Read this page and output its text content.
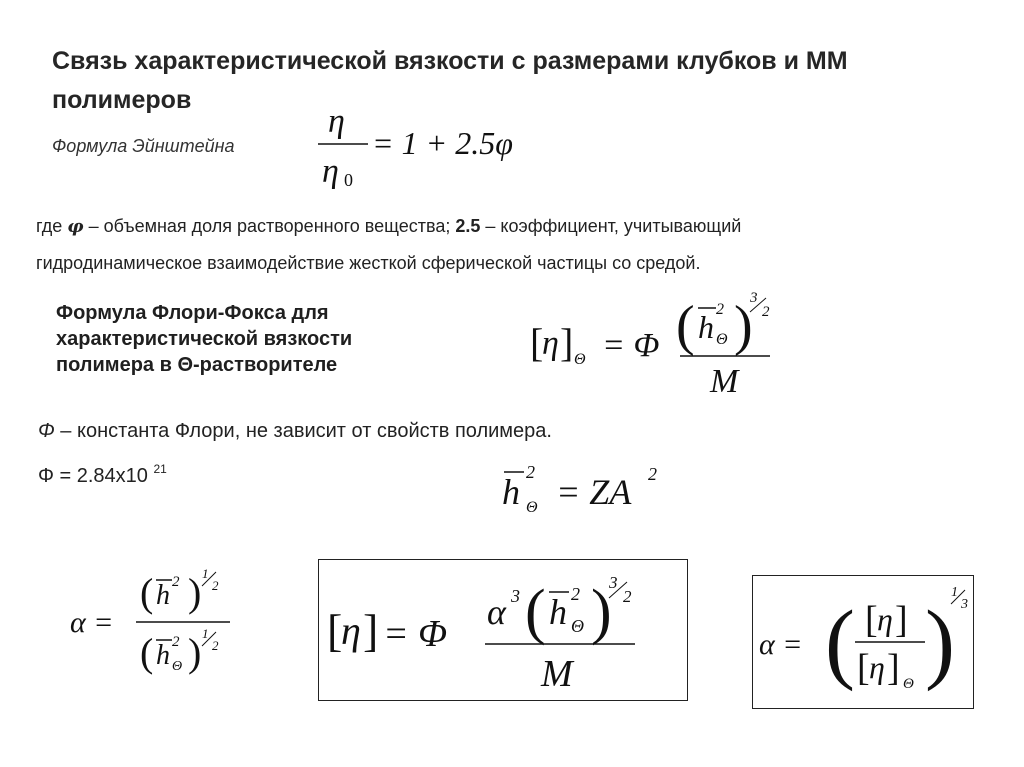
Связь характеристической вязкости с размерами клубков и ММ полимеров
Формула Эйнштейна
η
η 0
= 1 + 2.5φ
где φ – объемная доля растворенного вещества; 2.5 – коэффициент, учитывающий
гидродинамическое взаимодействие жесткой сферической частицы со средой.
Формула Флори-Фокса для характеристической вязкости полимера в Θ-растворителе	[
η ] Θ = Φ ( h 2
Θ )
3
2
M
Φ – константа Флори, не зависит от свойств полимера.
Φ = 2.84x10 $^{21}$
h 2
Θ = ZA 2
α =
( h 2 ) 1
2
( h 2
Θ ) 1
2 [
η ] = Φ
α 3 ( h 2
Θ )
3
2
M
α = ( [ η ]
[ η ] Θ )
1
3
